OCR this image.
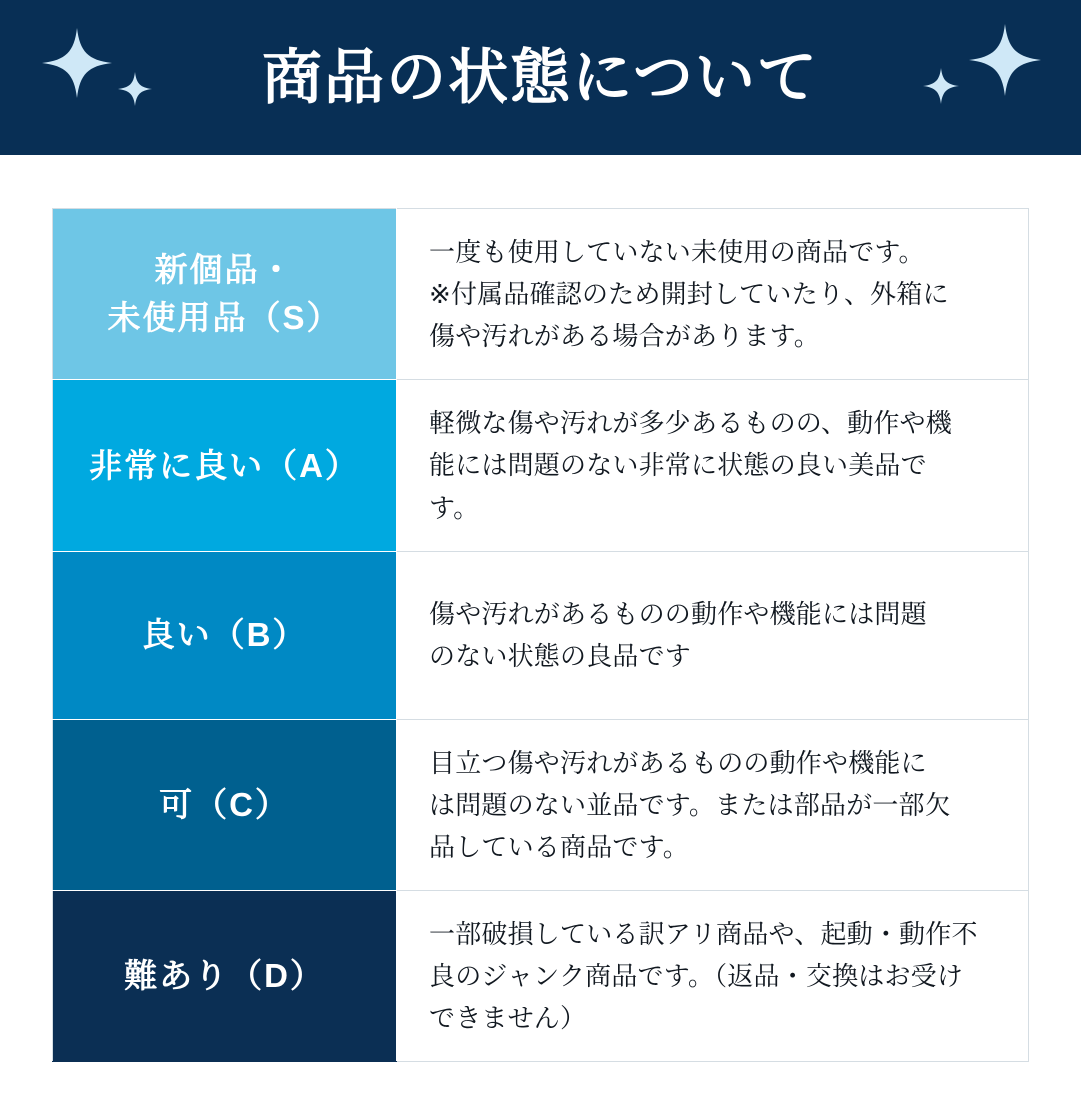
商品の状態について
新個品・
未使用品（S）	一度も使用していない未使用の商品です。
※付属品確認のため開封していたり、外箱に
傷や汚れがある場合があります。

非常に良い（A）	軽微な傷や汚れが多少あるものの、動作や機
能には問題のない非常に状態の良い美品で
す。

良い（B）	傷や汚れがあるものの動作や機能には問題
のない状態の良品です

可（C）	目立つ傷や汚れがあるものの動作や機能に
は問題のない並品です。または部品が一部欠
品している商品です。

難あり（D）	一部破損している訳アリ商品や、起動・動作不
良のジャンク商品です。（返品・交換はお受け
できません）
